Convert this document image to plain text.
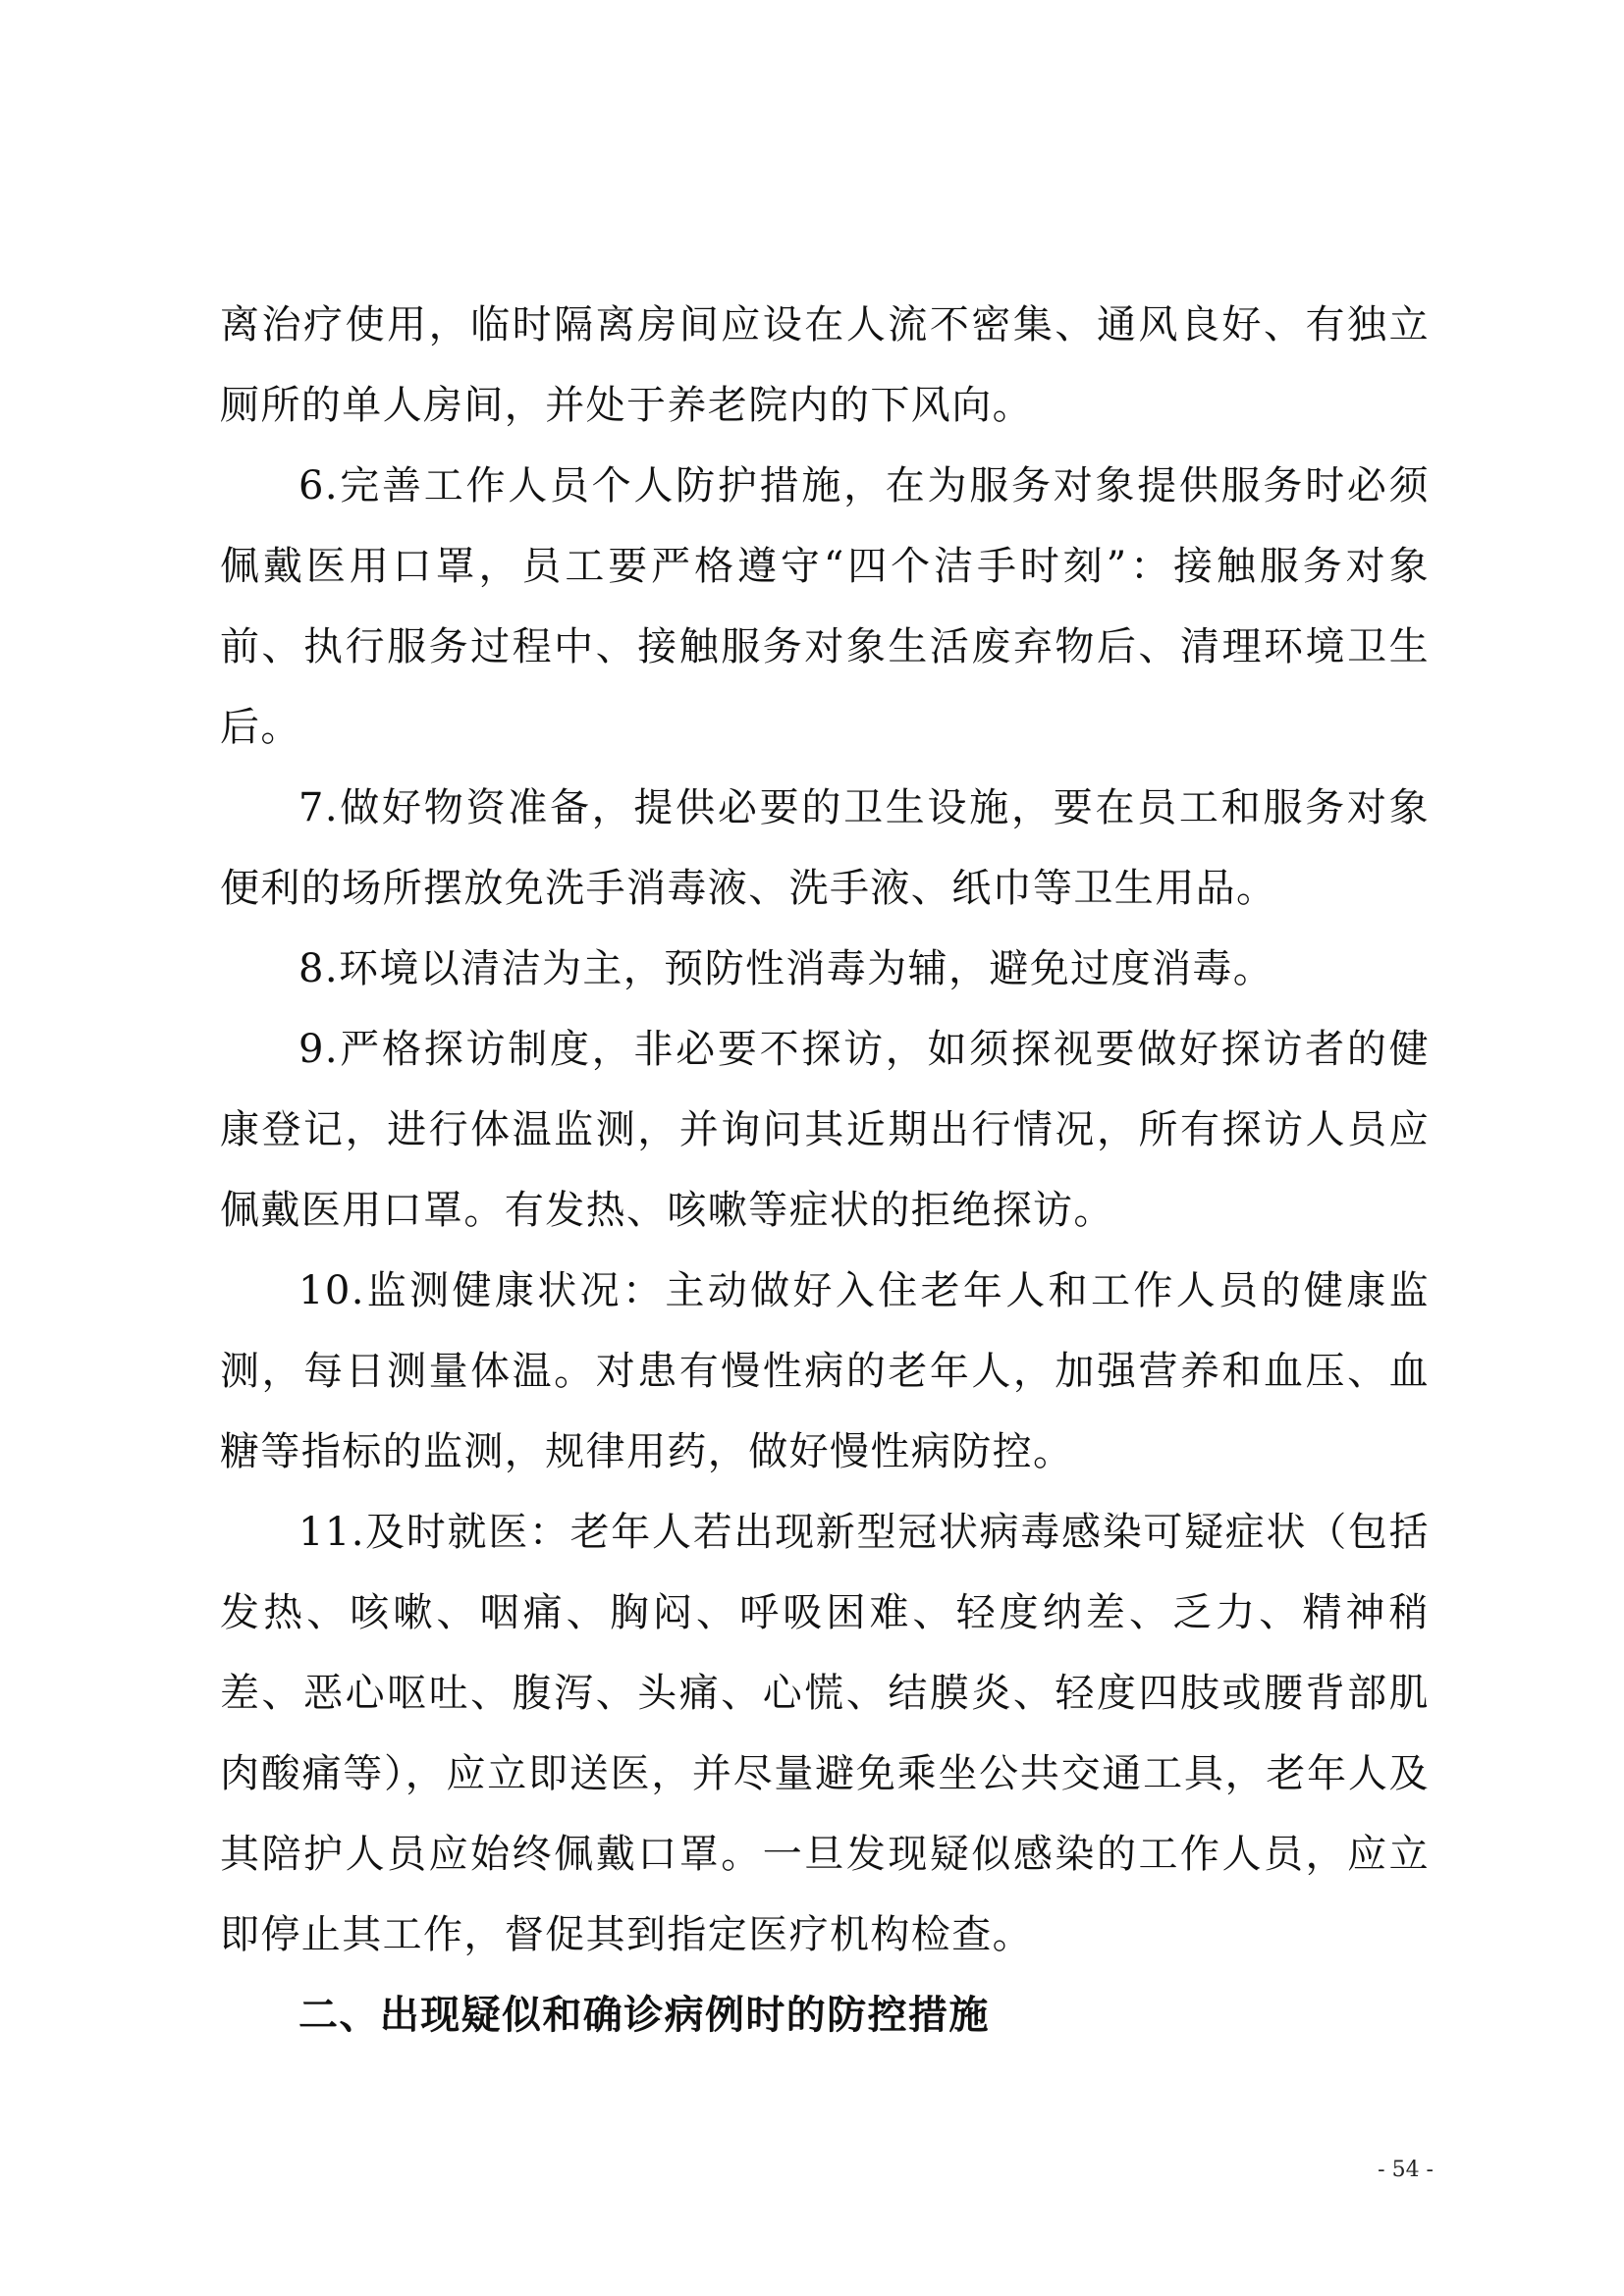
离治疗使用，临时隔离房间应设在人流不密集、通风良好、有独立厕所的单人房间，并处于养老院内的下风向。

6.完善工作人员个人防护措施，在为服务对象提供服务时必须佩戴医用口罩，员工要严格遵守“四个洁手时刻”：接触服务对象前、执行服务过程中、接触服务对象生活废弃物后、清理环境卫生后。

7.做好物资准备，提供必要的卫生设施，要在员工和服务对象便利的场所摆放免洗手消毒液、洗手液、纸巾等卫生用品。

8.环境以清洁为主，预防性消毒为辅，避免过度消毒。

9.严格探访制度，非必要不探访，如须探视要做好探访者的健康登记，进行体温监测，并询问其近期出行情况，所有探访人员应佩戴医用口罩。有发热、咳嗽等症状的拒绝探访。

10.监测健康状况：主动做好入住老年人和工作人员的健康监测，每日测量体温。对患有慢性病的老年人，加强营养和血压、血糖等指标的监测，规律用药，做好慢性病防控。

11.及时就医：老年人若出现新型冠状病毒感染可疑症状（包括发热、咳嗽、咽痛、胸闷、呼吸困难、轻度纳差、乏力、精神稍差、恶心呕吐、腹泻、头痛、心慌、结膜炎、轻度四肢或腰背部肌肉酸痛等），应立即送医，并尽量避免乘坐公共交通工具，老年人及其陪护人员应始终佩戴口罩。一旦发现疑似感染的工作人员，应立即停止其工作，督促其到指定医疗机构检查。

二、出现疑似和确诊病例时的防控措施

- 54 -
